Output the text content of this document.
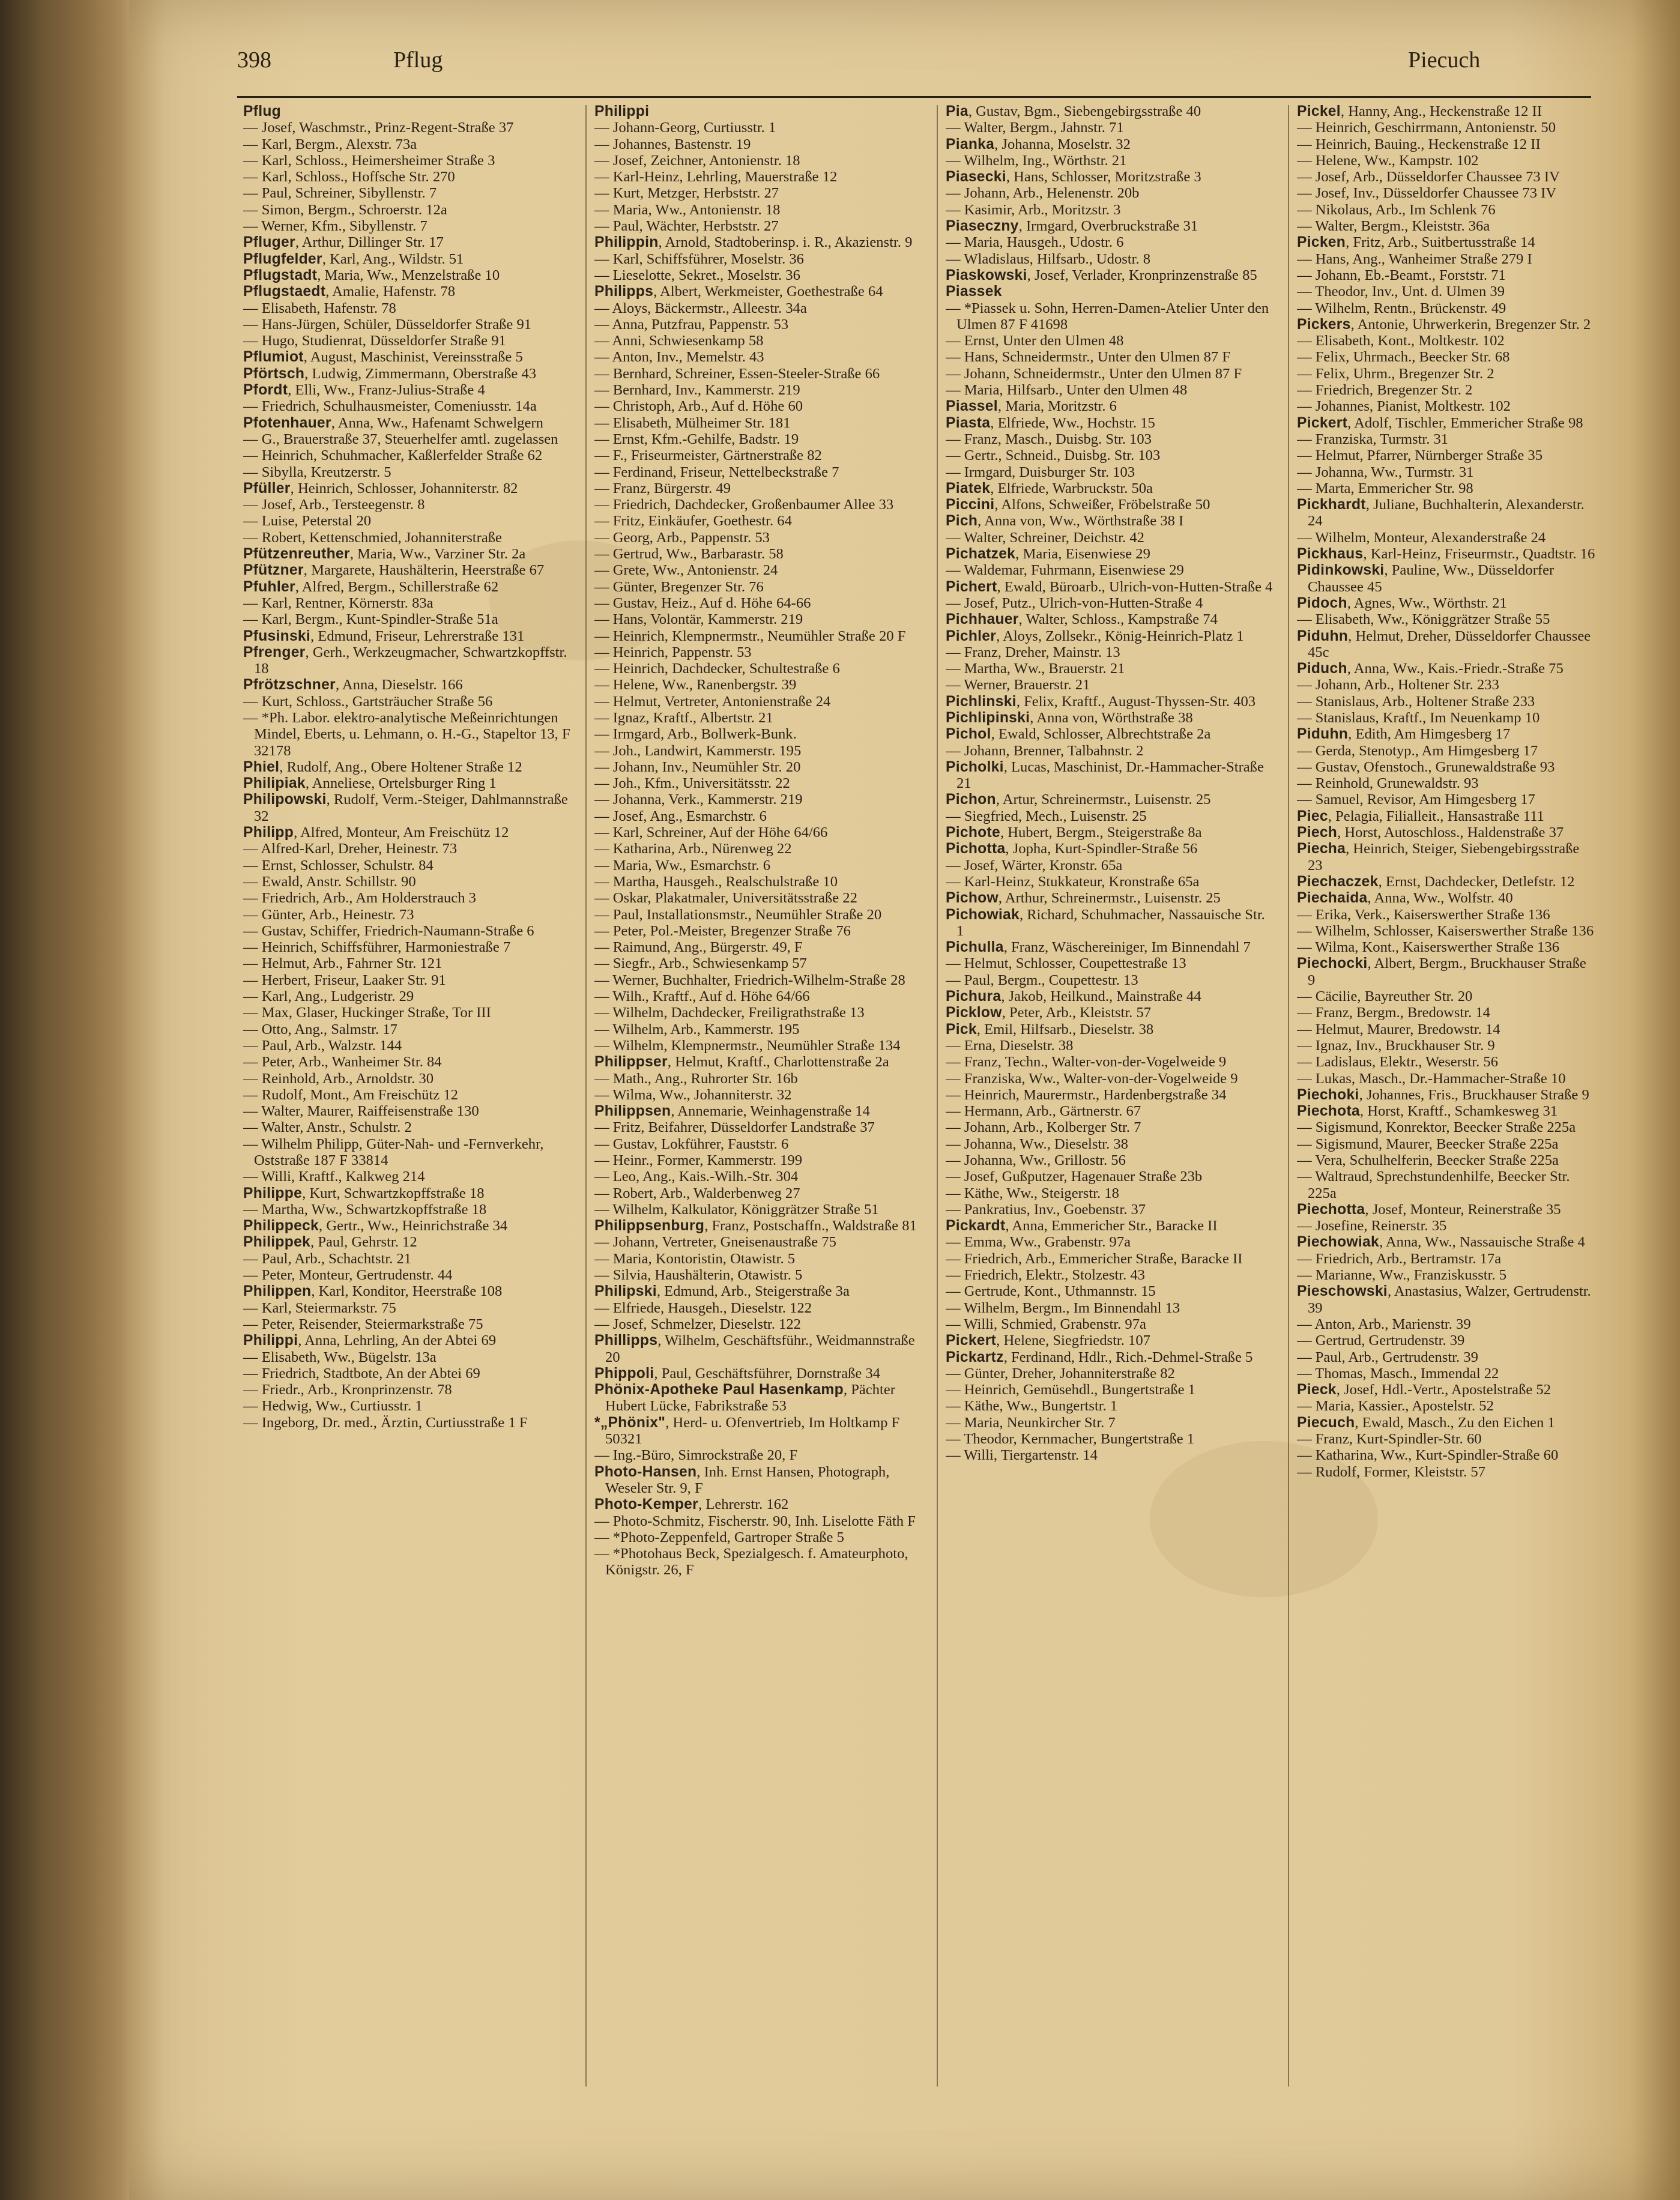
398	Pflug	Piecuch

Pflug

— Josef, Waschmstr., Prinz-Regent-Straße 37

— Karl, Bergm., Alexstr. 73a

— Karl, Schloss., Heimersheimer Straße 3

— Karl, Schloss., Hoffsche Str. 270

— Paul, Schreiner, Sibyllenstr. 7

— Simon, Bergm., Schroerstr. 12a

— Werner, Kfm., Sibyllenstr. 7

Pfluger, Arthur, Dillinger Str. 17

Pflugfelder, Karl, Ang., Wildstr. 51

Pflugstadt, Maria, Ww., Menzelstraße 10

Pflugstaedt, Amalie, Hafenstr. 78

— Elisabeth, Hafenstr. 78

— Hans-Jürgen, Schüler, Düsseldorfer Straße 91

— Hugo, Studienrat, Düsseldorfer Straße 91

Pflumiot, August, Maschinist, Vereinsstraße 5

Pförtsch, Ludwig, Zimmermann, Oberstraße 43

Pfordt, Elli, Ww., Franz-Julius-Straße 4

— Friedrich, Schulhausmeister, Comeniusstr. 14a

Pfotenhauer, Anna, Ww., Hafenamt Schwelgern

— G., Brauerstraße 37, Steuerhelfer amtl. zugelassen

— Heinrich, Schuhmacher, Kaßlerfelder Straße 62

— Sibylla, Kreutzerstr. 5

Pfüller, Heinrich, Schlosser, Johanniterstr. 82

— Josef, Arb., Tersteegenstr. 8

— Luise, Peterstal 20

— Robert, Kettenschmied, Johanniterstraße

Pfützenreuther, Maria, Ww., Varziner Str. 2a

Pfützner, Margarete, Haushälterin, Heerstraße 67

Pfuhler, Alfred, Bergm., Schillerstraße 62

— Karl, Rentner, Körnerstr. 83a

— Karl, Bergm., Kunt-Spindler-Straße 51a

Pfusinski, Edmund, Friseur, Lehrerstraße 131

Pfrenger, Gerh., Werkzeugmacher, Schwartzkopffstr. 18

Pfrötzschner, Anna, Dieselstr. 166

— Kurt, Schloss., Gartsträucher Straße 56

— *Ph. Labor. elektro-analytische Meßeinrichtungen Mindel, Eberts, u. Lehmann, o. H.-G., Stapeltor 13, F 32178

Phiel, Rudolf, Ang., Obere Holtener Straße 12

Philipiak, Anneliese, Ortelsburger Ring 1

Philipowski, Rudolf, Verm.-Steiger, Dahlmannstraße 32

Philipp, Alfred, Monteur, Am Freischütz 12

— Alfred-Karl, Dreher, Heinestr. 73

— Ernst, Schlosser, Schulstr. 84

— Ewald, Anstr. Schillstr. 90

— Friedrich, Arb., Am Holderstrauch 3

— Günter, Arb., Heinestr. 73

— Gustav, Schiffer, Friedrich-Naumann-Straße 6

— Heinrich, Schiffsführer, Harmoniestraße 7

— Helmut, Arb., Fahrner Str. 121

— Herbert, Friseur, Laaker Str. 91

— Karl, Ang., Ludgeristr. 29

— Max, Glaser, Huckinger Straße, Tor III

— Otto, Ang., Salmstr. 17

— Paul, Arb., Walzstr. 144

— Peter, Arb., Wanheimer Str. 84

— Reinhold, Arb., Arnoldstr. 30

— Rudolf, Mont., Am Freischütz 12

— Walter, Maurer, Raiffeisenstraße 130

— Walter, Anstr., Schulstr. 2

— Wilhelm Philipp, Güter-Nah- und -Fernverkehr, Oststraße 187 F 33814

— Willi, Kraftf., Kalkweg 214

Philippe, Kurt, Schwartzkopffstraße 18

— Martha, Ww., Schwartzkopffstraße 18

Philippeck, Gertr., Ww., Heinrichstraße 34

Philippek, Paul, Gehrstr. 12

— Paul, Arb., Schachtstr. 21

— Peter, Monteur, Gertrudenstr. 44

Philippen, Karl, Konditor, Heerstraße 108

— Karl, Steiermarkstr. 75

— Peter, Reisender, Steiermarkstraße 75

Philippi, Anna, Lehrling, An der Abtei 69

— Elisabeth, Ww., Bügelstr. 13a

— Friedrich, Stadtbote, An der Abtei 69

— Friedr., Arb., Kronprinzenstr. 78

— Hedwig, Ww., Curtiusstr. 1

— Ingeborg, Dr. med., Ärztin, Curtiusstraße 1 F

Philippi

— Johann-Georg, Curtiusstr. 1

— Johannes, Bastenstr. 19

— Josef, Zeichner, Antonienstr. 18

— Karl-Heinz, Lehrling, Mauerstraße 12

— Kurt, Metzger, Herbststr. 27

— Maria, Ww., Antonienstr. 18

— Paul, Wächter, Herbststr. 27

Philippin, Arnold, Stadtoberinsp. i. R., Akazienstr. 9

— Karl, Schiffsführer, Moselstr. 36

— Lieselotte, Sekret., Moselstr. 36

Philipps, Albert, Werkmeister, Goethestraße 64

— Aloys, Bäckermstr., Alleestr. 34a

— Anna, Putzfrau, Pappenstr. 53

— Anni, Schwiesenkamp 58

— Anton, Inv., Memelstr. 43

— Bernhard, Schreiner, Essen-Steeler-Straße 66

— Bernhard, Inv., Kammerstr. 219

— Christoph, Arb., Auf d. Höhe 60

— Elisabeth, Mülheimer Str. 181

— Ernst, Kfm.-Gehilfe, Badstr. 19

— F., Friseurmeister, Gärtnerstraße 82

— Ferdinand, Friseur, Nettelbeckstraße 7

— Franz, Bürgerstr. 49

— Friedrich, Dachdecker, Großenbaumer Allee 33

— Fritz, Einkäufer, Goethestr. 64

— Georg, Arb., Pappenstr. 53

— Gertrud, Ww., Barbarastr. 58

— Grete, Ww., Antonienstr. 24

— Günter, Bregenzer Str. 76

— Gustav, Heiz., Auf d. Höhe 64-66

— Hans, Volontär, Kammerstr. 219

— Heinrich, Klempnermstr., Neumühler Straße 20 F

— Heinrich, Pappenstr. 53

— Heinrich, Dachdecker, Schultestraße 6

— Helene, Ww., Ranenbergstr. 39

— Helmut, Vertreter, Antonienstraße 24

— Ignaz, Kraftf., Albertstr. 21

— Irmgard, Arb., Bollwerk-Bunk.

— Joh., Landwirt, Kammerstr. 195

— Johann, Inv., Neumühler Str. 20

— Joh., Kfm., Universitätsstr. 22

— Johanna, Verk., Kammerstr. 219

— Josef, Ang., Esmarchstr. 6

— Karl, Schreiner, Auf der Höhe 64/66

— Katharina, Arb., Nürenweg 22

— Maria, Ww., Esmarchstr. 6

— Martha, Hausgeh., Realschulstraße 10

— Oskar, Plakatmaler, Universitätsstraße 22

— Paul, Installationsmstr., Neumühler Straße 20

— Peter, Pol.-Meister, Bregenzer Straße 76

— Raimund, Ang., Bürgerstr. 49, F

— Siegfr., Arb., Schwiesenkamp 57

— Werner, Buchhalter, Friedrich-Wilhelm-Straße 28

— Wilh., Kraftf., Auf d. Höhe 64/66

— Wilhelm, Dachdecker, Freiligrathstraße 13

— Wilhelm, Arb., Kammerstr. 195

— Wilhelm, Klempnermstr., Neumühler Straße 134

Philippser, Helmut, Kraftf., Charlottenstraße 2a

— Math., Ang., Ruhrorter Str. 16b

— Wilma, Ww., Johanniterstr. 32

Philippsen, Annemarie, Weinhagenstraße 14

— Fritz, Beifahrer, Düsseldorfer Landstraße 37

— Gustav, Lokführer, Fauststr. 6

— Heinr., Former, Kammerstr. 199

— Leo, Ang., Kais.-Wilh.-Str. 304

— Robert, Arb., Walderbenweg 27

— Wilhelm, Kalkulator, Königgrätzer Straße 51

Philippsenburg, Franz, Postschaffn., Waldstraße 81

— Johann, Vertreter, Gneisenaustraße 75

— Maria, Kontoristin, Otawistr. 5

— Silvia, Haushälterin, Otawistr. 5

Philipski, Edmund, Arb., Steigerstraße 3a

— Elfriede, Hausgeh., Dieselstr. 122

— Josef, Schmelzer, Dieselstr. 122

Phillipps, Wilhelm, Geschäftsführ., Weidmannstraße 20

Phippoli, Paul, Geschäftsführer, Dornstraße 34

Phönix-Apotheke Paul Hasenkamp, Pächter Hubert Lücke, Fabrikstraße 53

*„Phönix", Herd- u. Ofenvertrieb, Im Holtkamp F 50321

— Ing.-Büro, Simrockstraße 20, F

Photo-Hansen, Inh. Ernst Hansen, Photograph, Weseler Str. 9, F

Photo-Kemper, Lehrerstr. 162

— Photo-Schmitz, Fischerstr. 90, Inh. Liselotte Fäth F

— *Photo-Zeppenfeld, Gartroper Straße 5

— *Photohaus Beck, Spezialgesch. f. Amateurphoto, Königstr. 26, F

Pia, Gustav, Bgm., Siebengebirgsstraße 40

— Walter, Bergm., Jahnstr. 71

Pianka, Johanna, Moselstr. 32

— Wilhelm, Ing., Wörthstr. 21

Piasecki, Hans, Schlosser, Moritzstraße 3

— Johann, Arb., Helenenstr. 20b

— Kasimir, Arb., Moritzstr. 3

Piaseczny, Irmgard, Overbruckstraße 31

— Maria, Hausgeh., Udostr. 6

— Wladislaus, Hilfsarb., Udostr. 8

Piaskowski, Josef, Verlader, Kronprinzenstraße 85

Piassek

— *Piassek u. Sohn, Herren-Damen-Atelier Unter den Ulmen 87 F 41698

— Ernst, Unter den Ulmen 48

— Hans, Schneidermstr., Unter den Ulmen 87 F

— Johann, Schneidermstr., Unter den Ulmen 87 F

— Maria, Hilfsarb., Unter den Ulmen 48

Piassel, Maria, Moritzstr. 6

Piasta, Elfriede, Ww., Hochstr. 15

— Franz, Masch., Duisbg. Str. 103

— Gertr., Schneid., Duisbg. Str. 103

— Irmgard, Duisburger Str. 103

Piatek, Elfriede, Warbruckstr. 50a

Piccini, Alfons, Schweißer, Fröbelstraße 50

Pich, Anna von, Ww., Wörthstraße 38 I

— Walter, Schreiner, Deichstr. 42

Pichatzek, Maria, Eisenwiese 29

— Waldemar, Fuhrmann, Eisenwiese 29

Pichert, Ewald, Büroarb., Ulrich-von-Hutten-Straße 4

— Josef, Putz., Ulrich-von-Hutten-Straße 4

Pichhauer, Walter, Schloss., Kampstraße 74

Pichler, Aloys, Zollsekr., König-Heinrich-Platz 1

— Franz, Dreher, Mainstr. 13

— Martha, Ww., Brauerstr. 21

— Werner, Brauerstr. 21

Pichlinski, Felix, Kraftf., August-Thyssen-Str. 403

Pichlipinski, Anna von, Wörthstraße 38

Pichol, Ewald, Schlosser, Albrechtstraße 2a

— Johann, Brenner, Talbahnstr. 2

Picholki, Lucas, Maschinist, Dr.-Hammacher-Straße 21

Pichon, Artur, Schreinermstr., Luisenstr. 25

— Siegfried, Mech., Luisenstr. 25

Pichote, Hubert, Bergm., Steigerstraße 8a

Pichotta, Jopha, Kurt-Spindler-Straße 56

— Josef, Wärter, Kronstr. 65a

— Karl-Heinz, Stukkateur, Kronstraße 65a

Pichow, Arthur, Schreinermstr., Luisenstr. 25

Pichowiak, Richard, Schuhmacher, Nassauische Str. 1

Pichulla, Franz, Wäschereiniger, Im Binnendahl 7

— Helmut, Schlosser, Coupettestraße 13

— Paul, Bergm., Coupettestr. 13

Pichura, Jakob, Heilkund., Mainstraße 44

Picklow, Peter, Arb., Kleiststr. 57

Pick, Emil, Hilfsarb., Dieselstr. 38

— Erna, Dieselstr. 38

— Franz, Techn., Walter-von-der-Vogelweide 9

— Franziska, Ww., Walter-von-der-Vogelweide 9

— Heinrich, Maurermstr., Hardenbergstraße 34

— Hermann, Arb., Gärtnerstr. 67

— Johann, Arb., Kolberger Str. 7

— Johanna, Ww., Dieselstr. 38

— Johanna, Ww., Grillostr. 56

— Josef, Gußputzer, Hagenauer Straße 23b

— Käthe, Ww., Steigerstr. 18

— Pankratius, Inv., Goebenstr. 37

Pickardt, Anna, Emmericher Str., Baracke II

— Emma, Ww., Grabenstr. 97a

— Friedrich, Arb., Emmericher Straße, Baracke II

— Friedrich, Elektr., Stolzestr. 43

— Gertrude, Kont., Uthmannstr. 15

— Wilhelm, Bergm., Im Binnendahl 13

— Willi, Schmied, Grabenstr. 97a

Pickert, Helene, Siegfriedstr. 107

Pickartz, Ferdinand, Hdlr., Rich.-Dehmel-Straße 5

— Günter, Dreher, Johanniterstraße 82

— Heinrich, Gemüsehdl., Bungertstraße 1

— Käthe, Ww., Bungertstr. 1

— Maria, Neunkircher Str. 7

— Theodor, Kernmacher, Bungertstraße 1

— Willi, Tiergartenstr. 14

Pickel, Hanny, Ang., Heckenstraße 12 II

— Heinrich, Geschirrmann, Antonienstr. 50

— Heinrich, Bauing., Heckenstraße 12 II

— Helene, Ww., Kampstr. 102

— Josef, Arb., Düsseldorfer Chaussee 73 IV

— Josef, Inv., Düsseldorfer Chaussee 73 IV

— Nikolaus, Arb., Im Schlenk 76

— Walter, Bergm., Kleiststr. 36a

Picken, Fritz, Arb., Suitbertusstraße 14

— Hans, Ang., Wanheimer Straße 279 I

— Johann, Eb.-Beamt., Forststr. 71

— Theodor, Inv., Unt. d. Ulmen 39

— Wilhelm, Rentn., Brückenstr. 49

Pickers, Antonie, Uhrwerkerin, Bregenzer Str. 2

— Elisabeth, Kont., Moltkestr. 102

— Felix, Uhrmach., Beecker Str. 68

— Felix, Uhrm., Bregenzer Str. 2

— Friedrich, Bregenzer Str. 2

— Johannes, Pianist, Moltkestr. 102

Pickert, Adolf, Tischler, Emmericher Straße 98

— Franziska, Turmstr. 31

— Helmut, Pfarrer, Nürnberger Straße 35

— Johanna, Ww., Turmstr. 31

— Marta, Emmericher Str. 98

Pickhardt, Juliane, Buchhalterin, Alexanderstr. 24

— Wilhelm, Monteur, Alexanderstraße 24

Pickhaus, Karl-Heinz, Friseurmstr., Quadtstr. 16

Pidinkowski, Pauline, Ww., Düsseldorfer Chaussee 45

Pidoch, Agnes, Ww., Wörthstr. 21

— Elisabeth, Ww., Königgrätzer Straße 55

Piduhn, Helmut, Dreher, Düsseldorfer Chaussee 45c

Piduch, Anna, Ww., Kais.-Friedr.-Straße 75

— Johann, Arb., Holtener Str. 233

— Stanislaus, Arb., Holtener Straße 233

— Stanislaus, Kraftf., Im Neuenkamp 10

Piduhn, Edith, Am Himgesberg 17

— Gerda, Stenotyp., Am Himgesberg 17

— Gustav, Ofenstoch., Grunewaldstraße 93

— Reinhold, Grunewaldstr. 93

— Samuel, Revisor, Am Himgesberg 17

Piec, Pelagia, Filialleit., Hansastraße 111

Piech, Horst, Autoschloss., Haldenstraße 37

Piecha, Heinrich, Steiger, Siebengebirgsstraße 23

Piechaczek, Ernst, Dachdecker, Detlefstr. 12

Piechaida, Anna, Ww., Wolfstr. 40

— Erika, Verk., Kaiserswerther Straße 136

— Wilhelm, Schlosser, Kaiserswerther Straße 136

— Wilma, Kont., Kaiserswerther Straße 136

Piechocki, Albert, Bergm., Bruckhauser Straße 9

— Cäcilie, Bayreuther Str. 20

— Franz, Bergm., Bredowstr. 14

— Helmut, Maurer, Bredowstr. 14

— Ignaz, Inv., Bruckhauser Str. 9

— Ladislaus, Elektr., Weserstr. 56

— Lukas, Masch., Dr.-Hammacher-Straße 10

Piechoki, Johannes, Fris., Bruckhauser Straße 9

Piechota, Horst, Kraftf., Schamkesweg 31

— Sigismund, Konrektor, Beecker Straße 225a

— Sigismund, Maurer, Beecker Straße 225a

— Vera, Schulhelferin, Beecker Straße 225a

— Waltraud, Sprechstundenhilfe, Beecker Str. 225a

Piechotta, Josef, Monteur, Reinerstraße 35

— Josefine, Reinerstr. 35

Piechowiak, Anna, Ww., Nassauische Straße 4

— Friedrich, Arb., Bertramstr. 17a

— Marianne, Ww., Franziskusstr. 5

Pieschowski, Anastasius, Walzer, Gertrudenstr. 39

— Anton, Arb., Marienstr. 39

— Gertrud, Gertrudenstr. 39

— Paul, Arb., Gertrudenstr. 39

— Thomas, Masch., Immendal 22

Pieck, Josef, Hdl.-Vertr., Apostelstraße 52

— Maria, Kassier., Apostelstr. 52

Piecuch, Ewald, Masch., Zu den Eichen 1

— Franz, Kurt-Spindler-Str. 60

— Katharina, Ww., Kurt-Spindler-Straße 60

— Rudolf, Former, Kleiststr. 57
